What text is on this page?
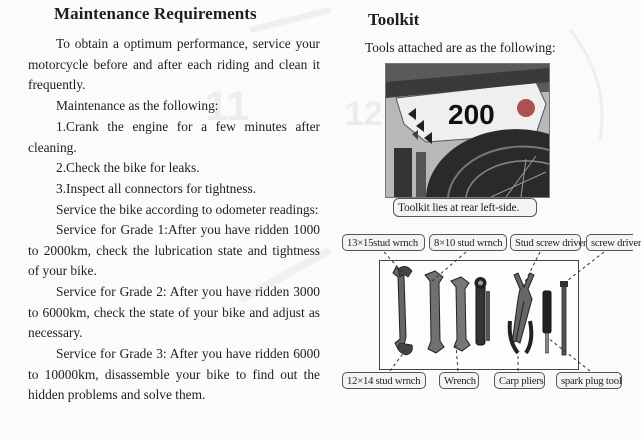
11	12
Maintenance Requirements

To obtain a optimum performance, service your motorcycle before and after each riding and clean it frequently.

Maintenance as the following:

1.Crank the engine for a few minutes after cleaning.

2.Check the bike for leaks.

3.Inspect all connectors for tightness.

Service the bike according to odometer readings:

Service for Grade 1:After you have ridden 1000 to 2000km, check the lubrication state and tightness of your bike.

Service for Grade 2: After you have ridden 3000 to 6000km, check the state of your bike and adjust as necessary.

Service for Grade 3: After you have ridden 6000 to 10000km, disassemble your bike to find out the hidden problems and solve them.

Toolkit

Tools attached are as the following:

200
Toolkit lies at rear left-side.
13×15stud wrnch	8×10 stud wrnch	Stud screw driver screw driver
12×14 stud wrnch	Wrench	Carp pliers	spark plug tool
